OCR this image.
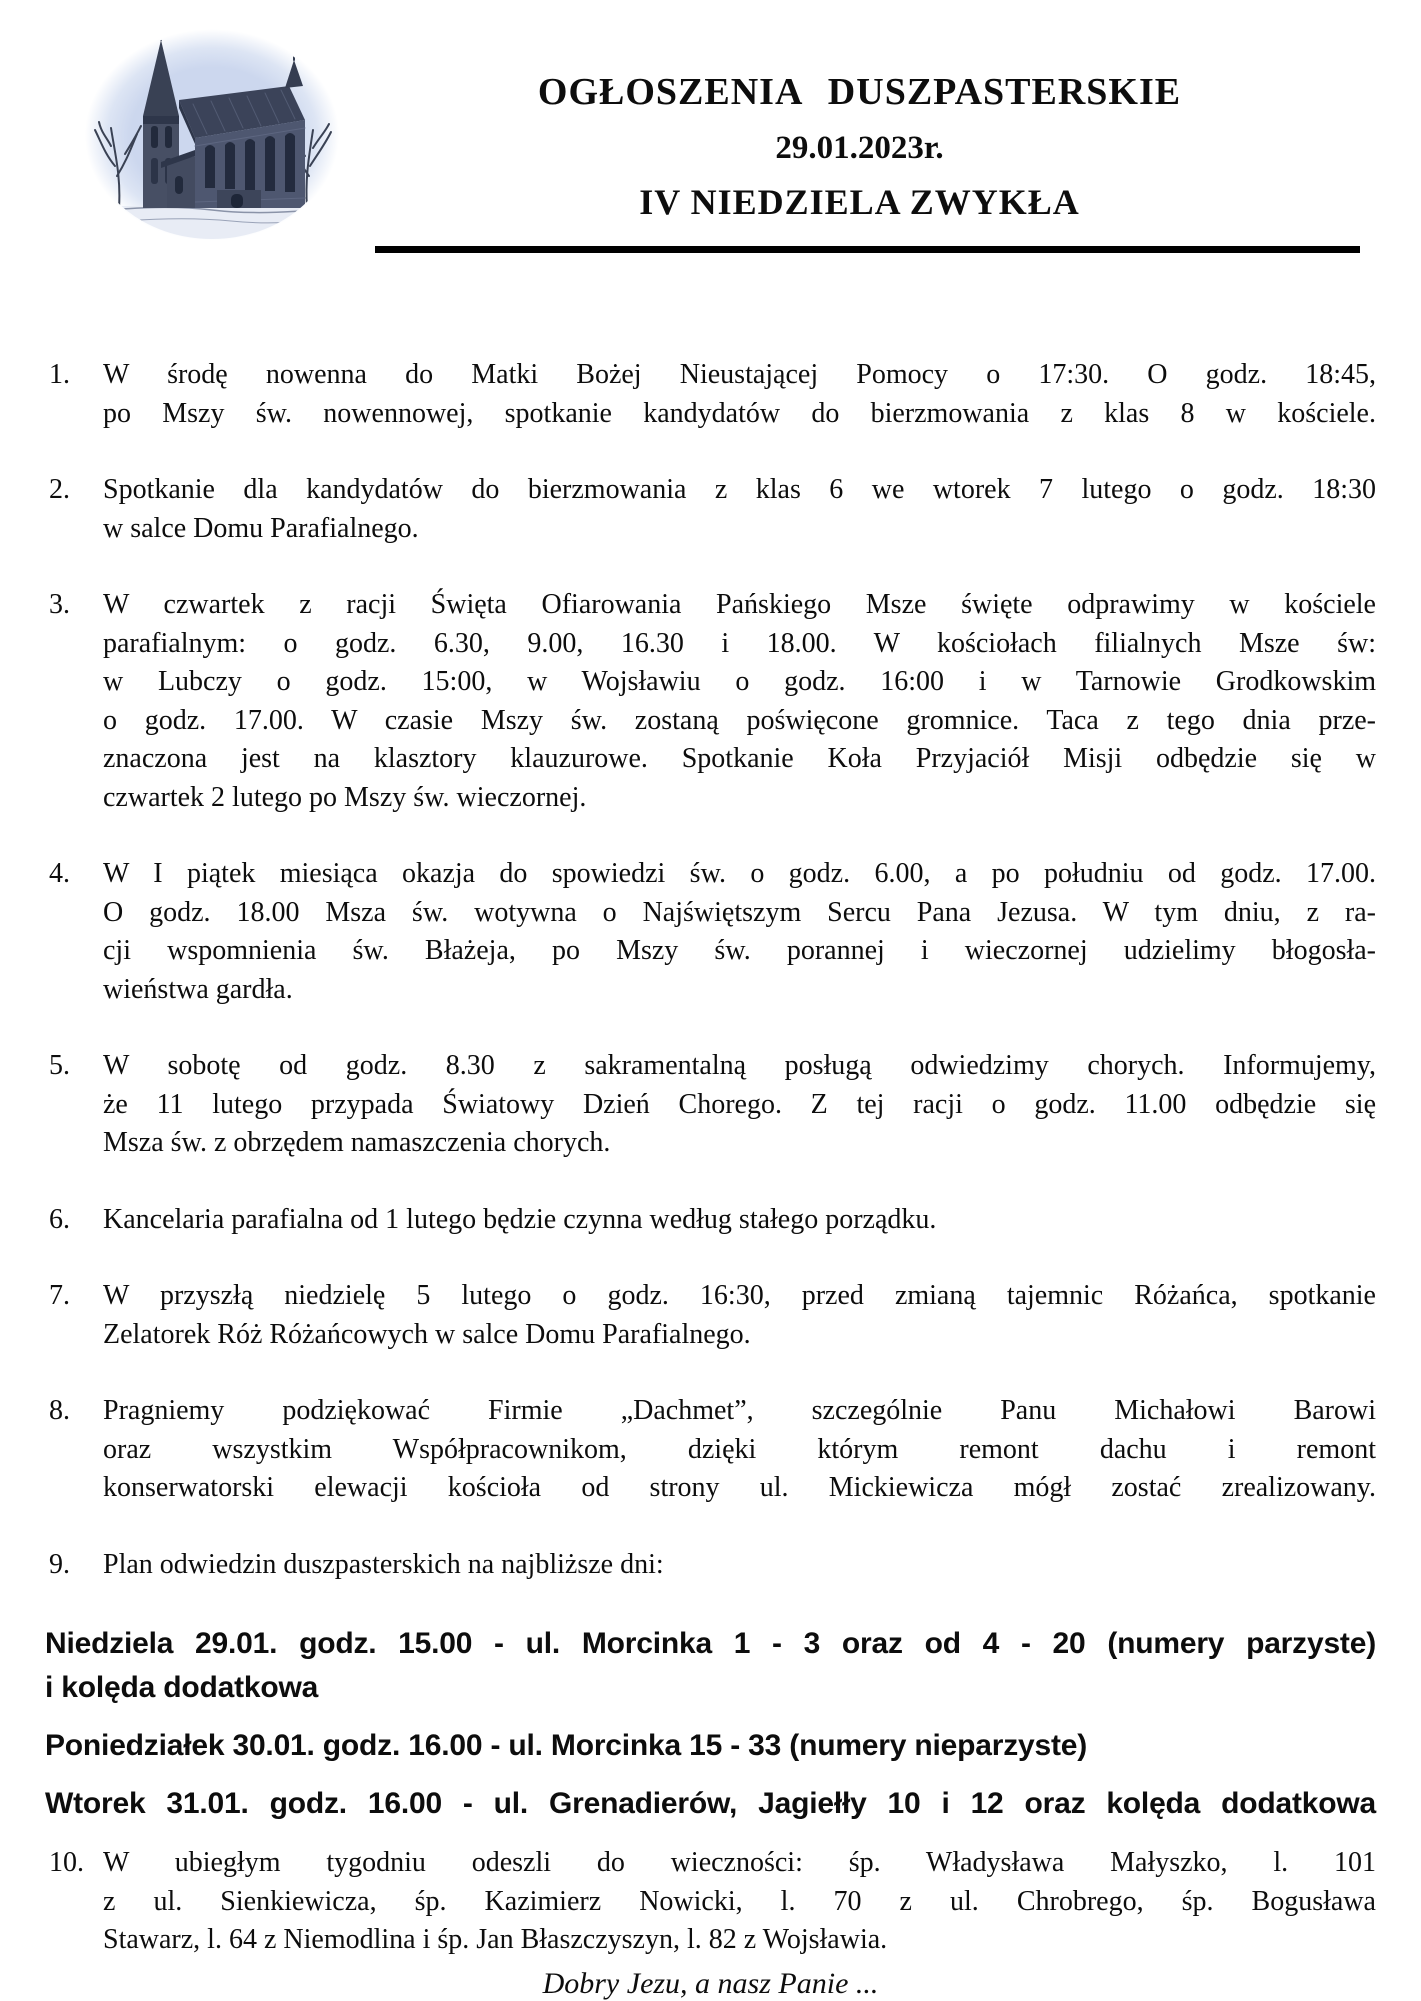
OGŁOSZENIA DUSZPASTERSKIE
29.01.2023r.
IV NIEDZIELA ZWYKŁA
1.	W środę nowenna do Matki Bożej Nieustającej Pomocy o 17:30. O godz. 18:45,
po Mszy św. nowennowej, spotkanie kandydatów do bierzmowania z klas 8 w kościele.
2.	Spotkanie dla kandydatów do bierzmowania z klas 6 we wtorek 7 lutego o godz. 18:30
w salce Domu Parafialnego.
3.	W czwartek z racji Święta Ofiarowania Pańskiego Msze święte odprawimy w kościele
parafialnym: o godz. 6.30, 9.00, 16.30 i 18.00. W kościołach filialnych Msze św:
w Lubczy o godz. 15:00, w Wojsławiu o godz. 16:00 i w Tarnowie Grodkowskim
o godz. 17.00. W czasie Mszy św. zostaną poświęcone gromnice. Taca z tego dnia prze-
znaczona jest na klasztory klauzurowe. Spotkanie Koła Przyjaciół Misji odbędzie się w
czwartek 2 lutego po Mszy św. wieczornej.
4.	W I piątek miesiąca okazja do spowiedzi św. o godz. 6.00, a po południu od godz. 17.00.
O godz. 18.00 Msza św. wotywna o Najświętszym Sercu Pana Jezusa. W tym dniu, z ra-
cji wspomnienia św. Błażeja, po Mszy św. porannej i wieczornej udzielimy błogosła-
wieństwa gardła.
5.	W sobotę od godz. 8.30 z sakramentalną posługą odwiedzimy chorych. Informujemy,
że 11 lutego przypada Światowy Dzień Chorego. Z tej racji o godz. 11.00 odbędzie się
Msza św. z obrzędem namaszczenia chorych.
6.	Kancelaria parafialna od 1 lutego będzie czynna według stałego porządku.
7.	W przyszłą niedzielę 5 lutego o godz. 16:30, przed zmianą tajemnic Różańca, spotkanie
Zelatorek Róż Różańcowych w salce Domu Parafialnego.
8.	Pragniemy podziękować Firmie „Dachmet”, szczególnie Panu Michałowi Barowi
oraz wszystkim Współpracownikom, dzięki którym remont dachu i remont
konserwatorski elewacji kościoła od strony ul. Mickiewicza mógł zostać zrealizowany.
9.	Plan odwiedzin duszpasterskich na najbliższe dni:
Niedziela 29.01. godz. 15.00 - ul. Morcinka 1 - 3 oraz od 4 - 20 (numery parzyste)
i kolęda dodatkowa
Poniedziałek 30.01. godz. 16.00 - ul. Morcinka 15 - 33 (numery nieparzyste)
Wtorek 31.01. godz. 16.00 - ul. Grenadierów, Jagiełły 10 i 12 oraz kolęda dodatkowa
10. W ubiegłym tygodniu odeszli do wieczności: śp. Władysława Małyszko, l. 101
z ul. Sienkiewicza, śp. Kazimierz Nowicki, l. 70 z ul. Chrobrego, śp. Bogusława
Stawarz, l. 64 z Niemodlina i śp. Jan Błaszczyszyn, l. 82 z Wojsławia.
Dobry Jezu, a nasz Panie ...
